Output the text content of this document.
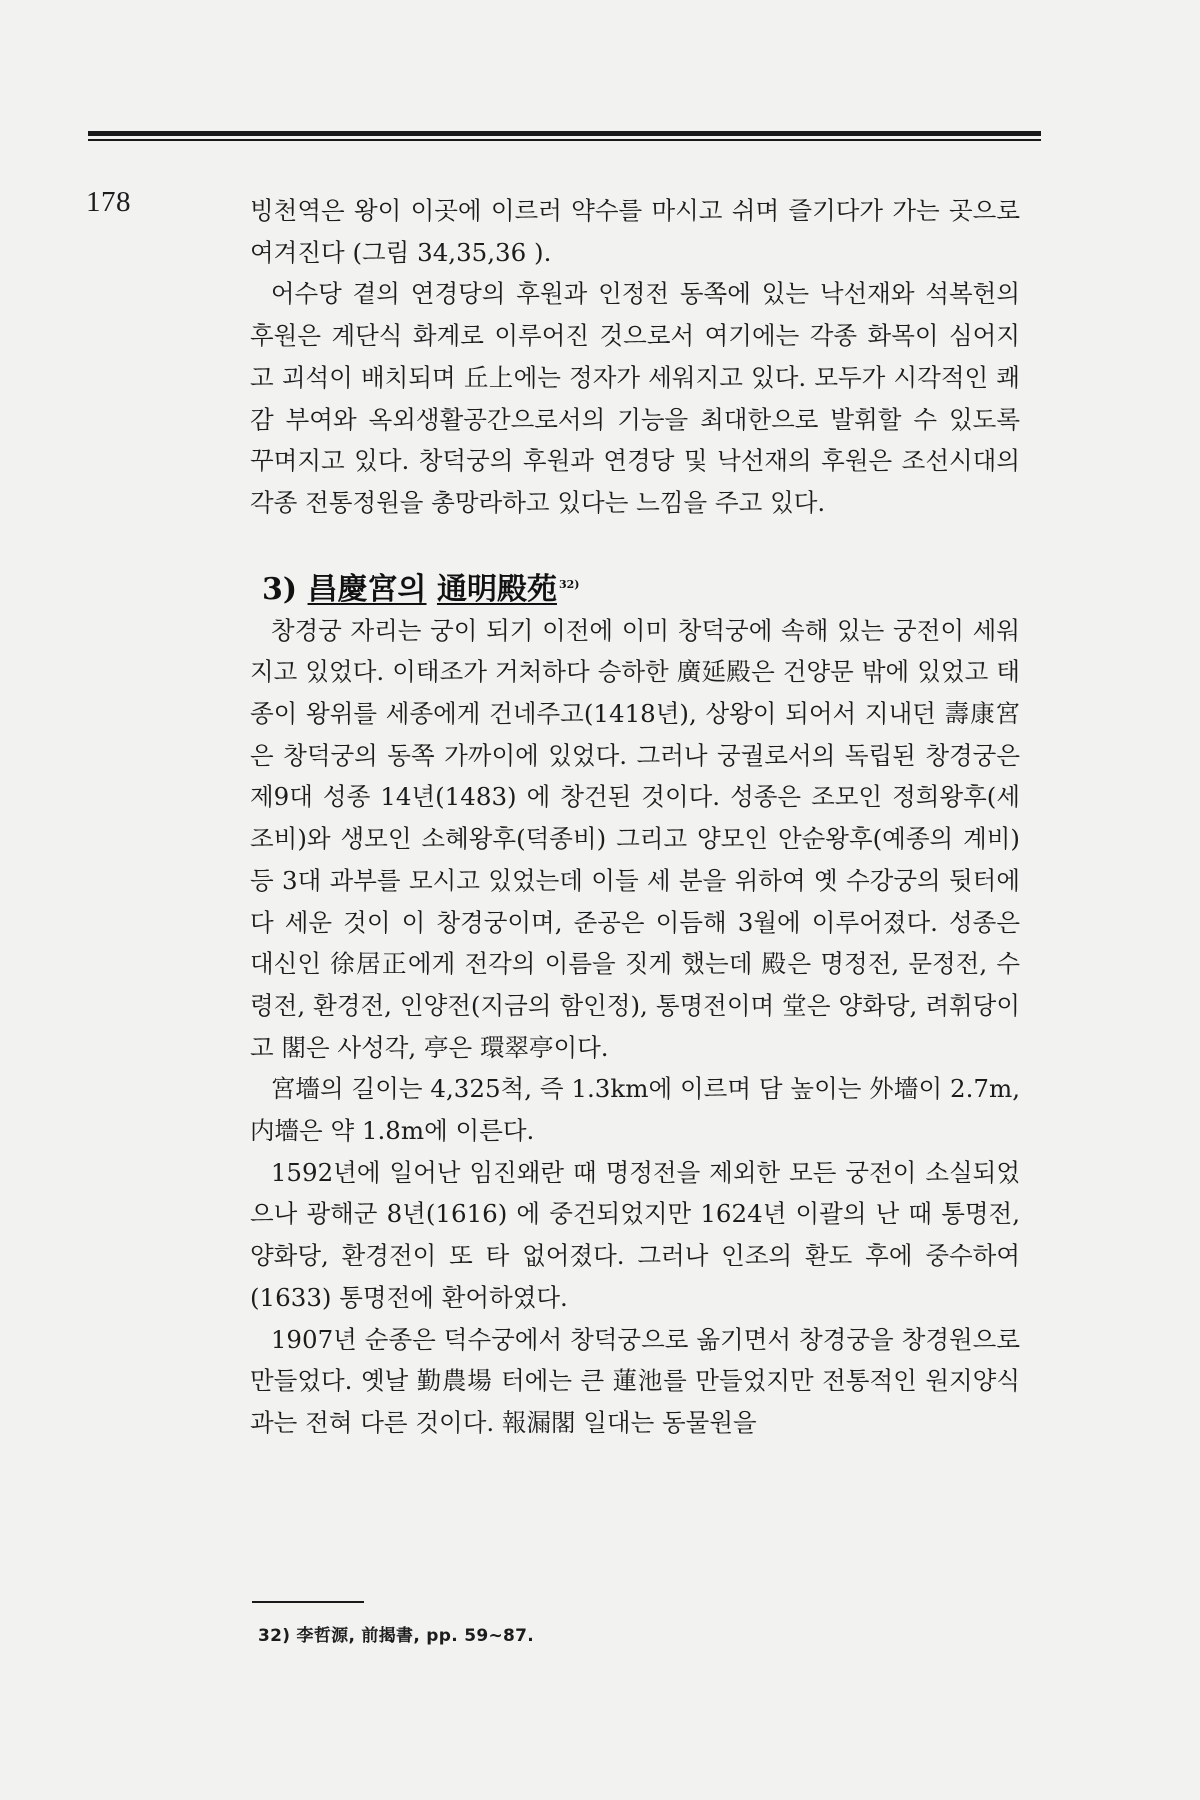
178	빙천역은 왕이 이곳에 이르러 약수를 마시고 쉬며 즐기다가 가는 곳으로 여겨진다 (그림 34,35,36 ).

어수당 곁의 연경당의 후원과 인정전 동쪽에 있는 낙선재와 석복헌의 후원은 계단식 화계로 이루어진 것으로서 여기에는 각종 화목이 심어지고 괴석이 배치되며 丘上에는 정자가 세워지고 있다. 모두가 시각적인 쾌감 부여와 옥외생활공간으로서의 기능을 최대한으로 발휘할 수 있도록 꾸며지고 있다. 창덕궁의 후원과 연경당 및 낙선재의 후원은 조선시대의 각종 전통정원을 총망라하고 있다는 느낌을 주고 있다.

3) 昌慶宮의 通明殿苑 $^{32)}$

창경궁 자리는 궁이 되기 이전에 이미 창덕궁에 속해 있는 궁전이 세워지고 있었다. 이태조가 거처하다 승하한 廣延殿은 건양문 밖에 있었고 태종이 왕위를 세종에게 건네주고(1418년), 상왕이 되어서 지내던 壽康宮은 창덕궁의 동쪽 가까이에 있었다. 그러나 궁궐로서의 독립된 창경궁은 제9대 성종 14년(1483) 에 창건된 것이다. 성종은 조모인 정희왕후(세조비)와 생모인 소혜왕후(덕종비) 그리고 양모인 안순왕후(예종의 계비) 등 3대 과부를 모시고 있었는데 이들 세 분을 위하여 옛 수강궁의 뒷터에다 세운 것이 이 창경궁이며, 준공은 이듬해 3월에 이루어졌다. 성종은 대신인 徐居正에게 전각의 이름을 짓게 했는데 殿은 명정전, 문정전, 수령전, 환경전, 인양전(지금의 함인정), 통명전이며 堂은 양화당, 려휘당이고 閣은 사성각, 亭은 環翠亭이다.

宮墻의 길이는 4,325척, 즉 1.3km에 이르며 담 높이는 外墻이 2.7m, 内墻은 약 1.8m에 이른다.

1592년에 일어난 임진왜란 때 명정전을 제외한 모든 궁전이 소실되었으나 광해군 8년(1616) 에 중건되었지만 1624년 이괄의 난 때 통명전, 양화당, 환경전이 또 타 없어졌다. 그러나 인조의 환도 후에 중수하여(1633) 통명전에 환어하였다.

1907년 순종은 덕수궁에서 창덕궁으로 옮기면서 창경궁을 창경원으로 만들었다. 옛날 勤農場 터에는 큰 蓮池를 만들었지만 전통적인 원지양식과는 전혀 다른 것이다. 報漏閣 일대는 동물원을

32) 李哲源, 前揭書, pp. 59∼87.
